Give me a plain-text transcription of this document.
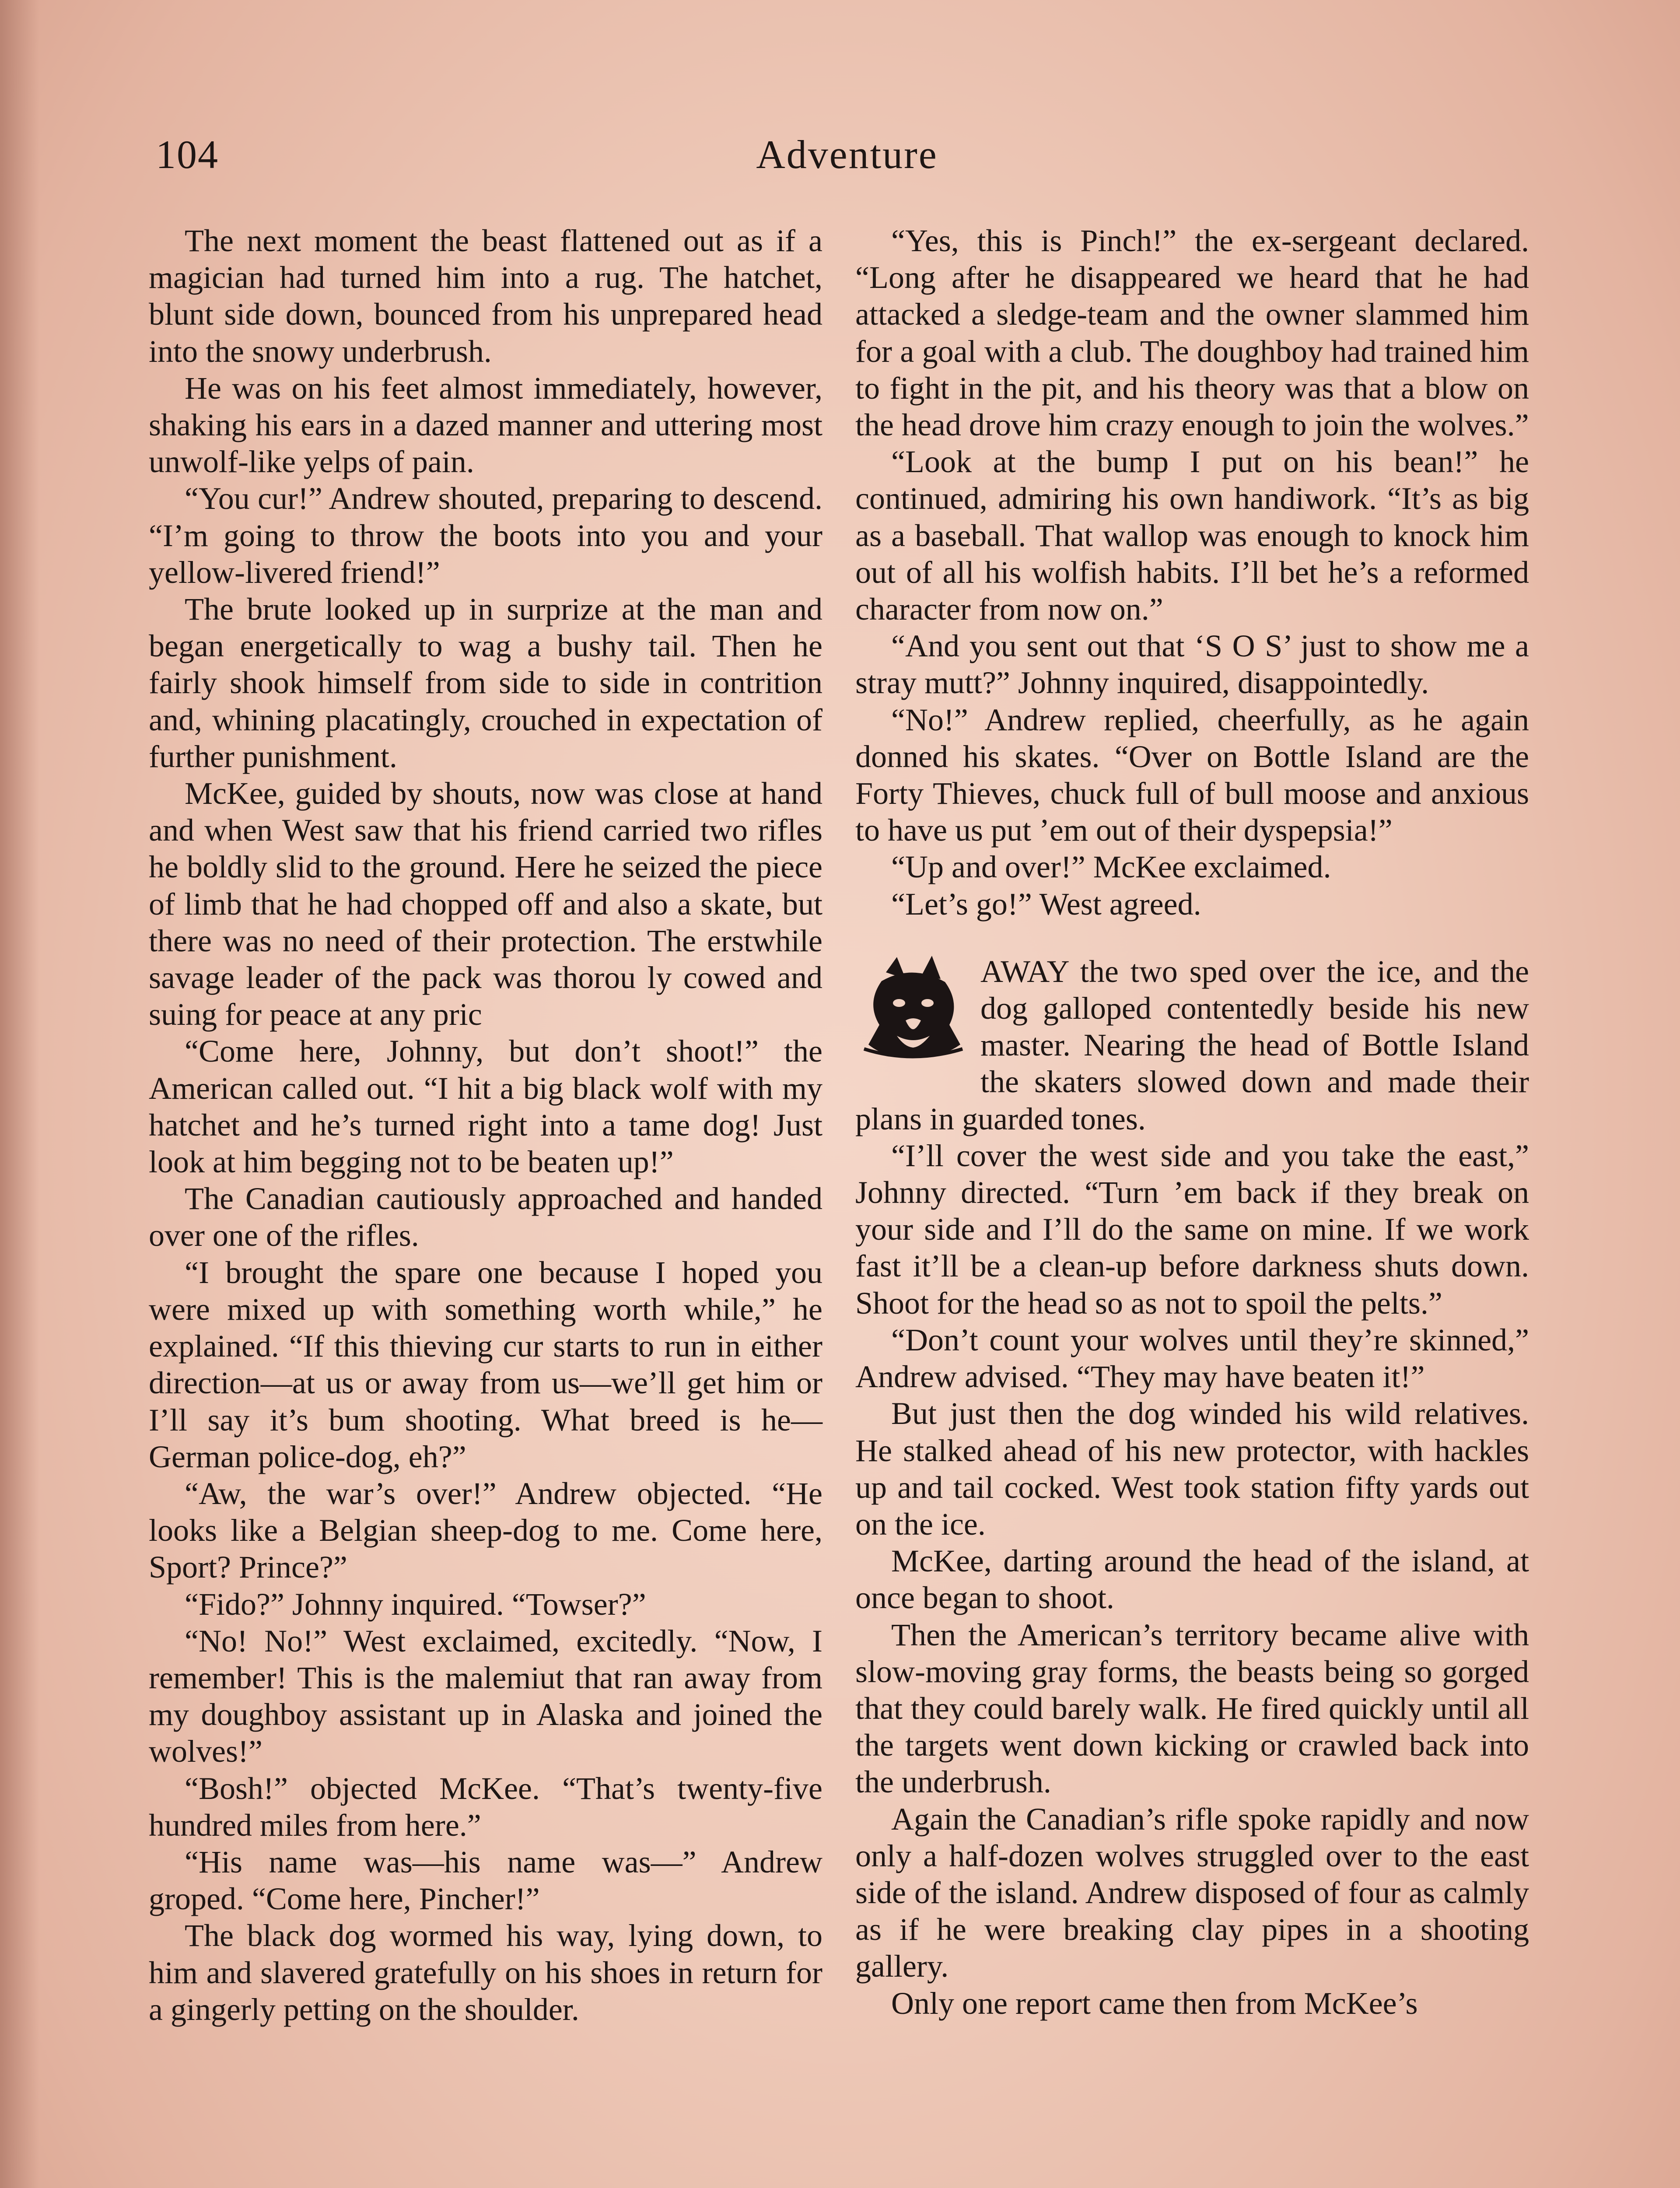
104	Adventure

The next moment the beast flattened out as if a magician had turned him into a rug. The hatchet, blunt side down, bounced from his unprepared head into the snowy underbrush.

He was on his feet almost immediately, however, shaking his ears in a dazed manner and uttering most unwolf-like yelps of pain.

“You cur!” Andrew shouted, preparing to descend. “I’m going to throw the boots into you and your yellow-livered friend!”

The brute looked up in surprize at the man and began energetically to wag a bushy tail. Then he fairly shook himself from side to side in contrition and, whining placatingly, crouched in expectation of further punishment.

McKee, guided by shouts, now was close at hand and when West saw that his friend carried two rifles he boldly slid to the ground. Here he seized the piece of limb that he had chopped off and also a skate, but there was no need of their protection. The erstwhile savage leader of the pack was thorou ly cowed and suing for peace at any pric

“Come here, Johnny, but don’t shoot!” the American called out. “I hit a big black wolf with my hatchet and he’s turned right into a tame dog! Just look at him begging not to be beaten up!”

The Canadian cautiously approached and handed over one of the rifles.

“I brought the spare one because I hoped you were mixed up with something worth while,” he explained. “If this thieving cur starts to run in either direction—at us or away from us—we’ll get him or I’ll say it’s bum shooting. What breed is he—German police-dog, eh?”

“Aw, the war’s over!” Andrew objected. “He looks like a Belgian sheep-dog to me. Come here, Sport? Prince?”

“Fido?” Johnny inquired. “Towser?”

“No! No!” West exclaimed, excitedly. “Now, I remember! This is the malemiut that ran away from my doughboy assistant up in Alaska and joined the wolves!”

“Bosh!” objected McKee. “That’s twenty-five hundred miles from here.”

“His name was—his name was—” Andrew groped. “Come here, Pincher!”

The black dog wormed his way, lying down, to him and slavered gratefully on his shoes in return for a gingerly petting on the shoulder.

“Yes, this is Pinch!” the ex-sergeant declared. “Long after he disappeared we heard that he had attacked a sledge-team and the owner slammed him for a goal with a club. The doughboy had trained him to fight in the pit, and his theory was that a blow on the head drove him crazy enough to join the wolves.”

“Look at the bump I put on his bean!” he continued, admiring his own handiwork. “It’s as big as a baseball. That wallop was enough to knock him out of all his wolfish habits. I’ll bet he’s a reformed character from now on.”

“And you sent out that ‘S O S’ just to show me a stray mutt?” Johnny inquired, disappointedly.

“No!” Andrew replied, cheerfully, as he again donned his skates. “Over on Bottle Island are the Forty Thieves, chuck full of bull moose and anxious to have us put ’em out of their dyspepsia!”

“Up and over!” McKee exclaimed.

“Let’s go!” West agreed.

AWAY the two sped over the ice, and the dog galloped contentedly beside his new master. Nearing the head of Bottle Island the skaters slowed down and made their plans in guarded tones.

“I’ll cover the west side and you take the east,” Johnny directed. “Turn ’em back if they break on your side and I’ll do the same on mine. If we work fast it’ll be a clean-up before darkness shuts down. Shoot for the head so as not to spoil the pelts.”

“Don’t count your wolves until they’re skinned,” Andrew advised. “They may have beaten it!”

But just then the dog winded his wild relatives. He stalked ahead of his new protector, with hackles up and tail cocked. West took station fifty yards out on the ice.

McKee, darting around the head of the island, at once began to shoot.

Then the American’s territory became alive with slow-moving gray forms, the beasts being so gorged that they could barely walk. He fired quickly until all the targets went down kicking or crawled back into the underbrush.

Again the Canadian’s rifle spoke rapidly and now only a half-dozen wolves struggled over to the east side of the island. Andrew disposed of four as calmly as if he were breaking clay pipes in a shooting gallery.

Only one report came then from McKee’s
